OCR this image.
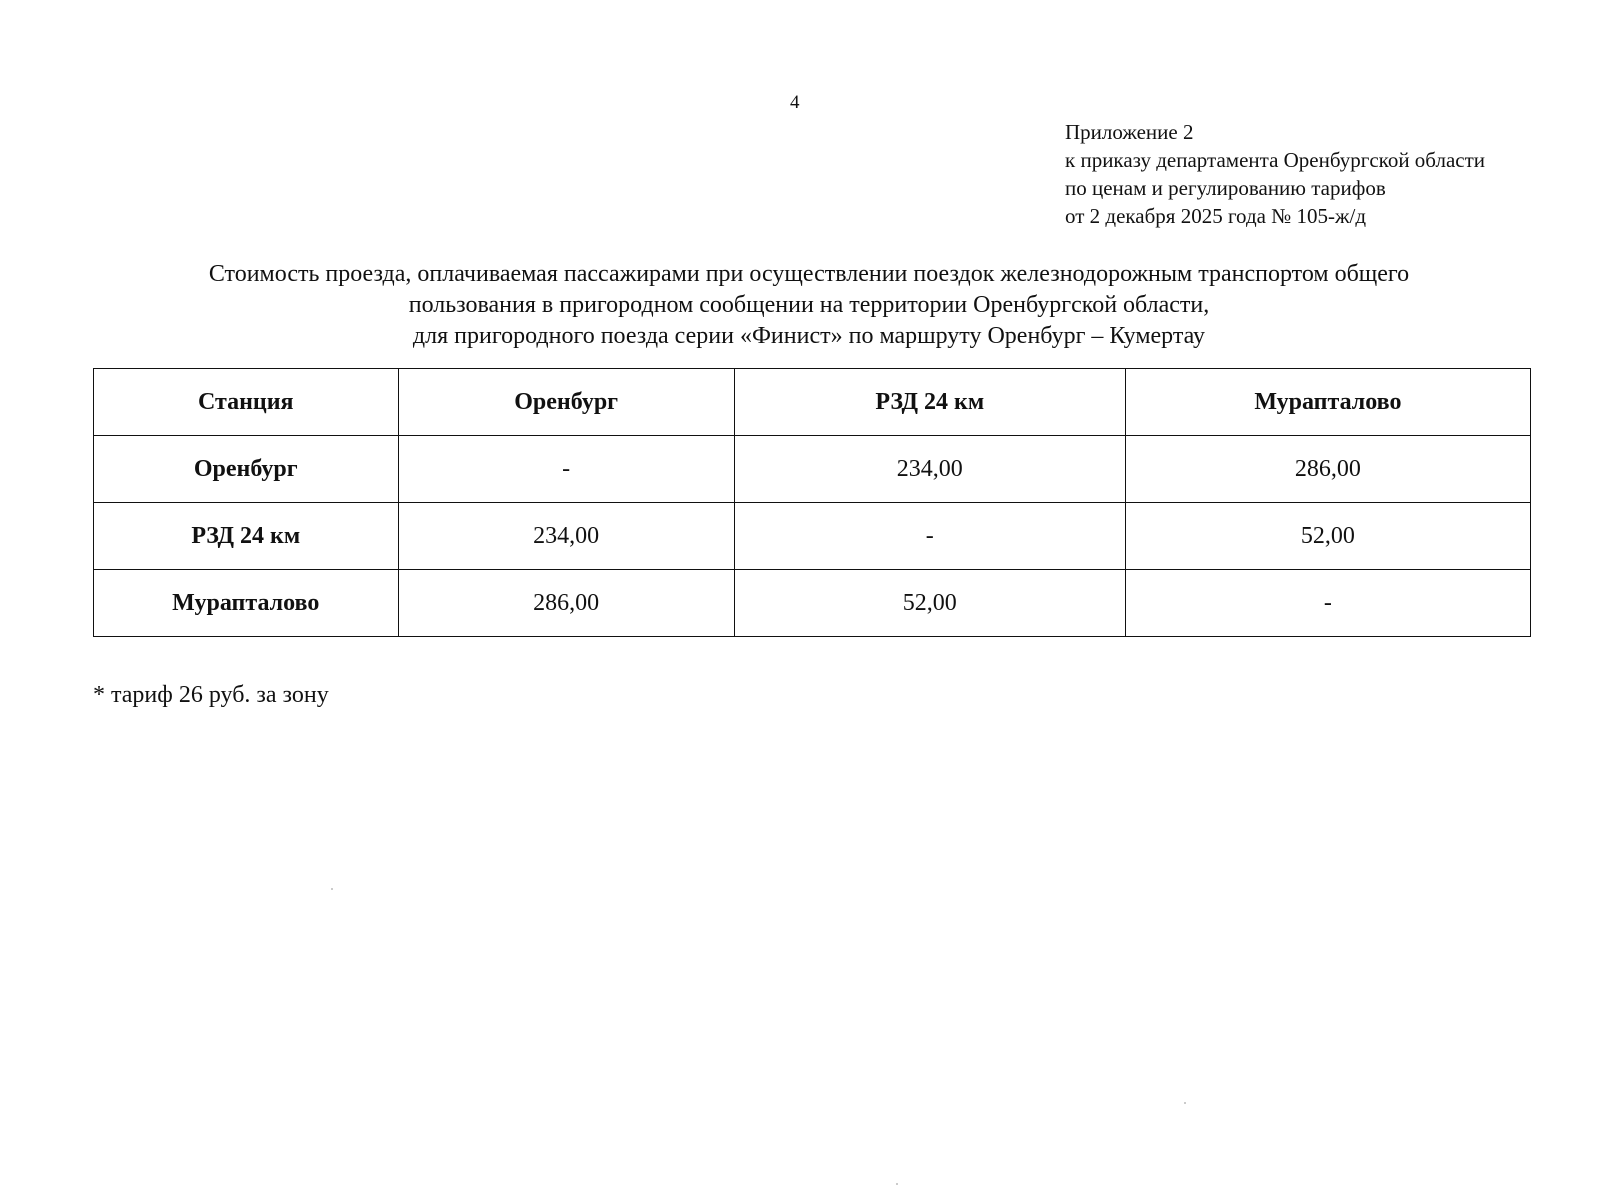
4
Приложение 2
к приказу департамента Оренбургской области
по ценам и регулированию тарифов
от 2 декабря 2025 года № 105-ж/д
Стоимость проезда, оплачиваемая пассажирами при осуществлении поездок железнодорожным транспортом общего
пользования в пригородном сообщении на территории Оренбургской области,
для пригородного поезда серии «Финист» по маршруту Оренбург – Кумертау
Станция	Оренбург	РЗД 24 км	Мурапталово
Оренбург	-	234,00	286,00
РЗД 24 км	234,00	-	52,00
Мурапталово	286,00	52,00	-
* тариф 26 руб. за зону
